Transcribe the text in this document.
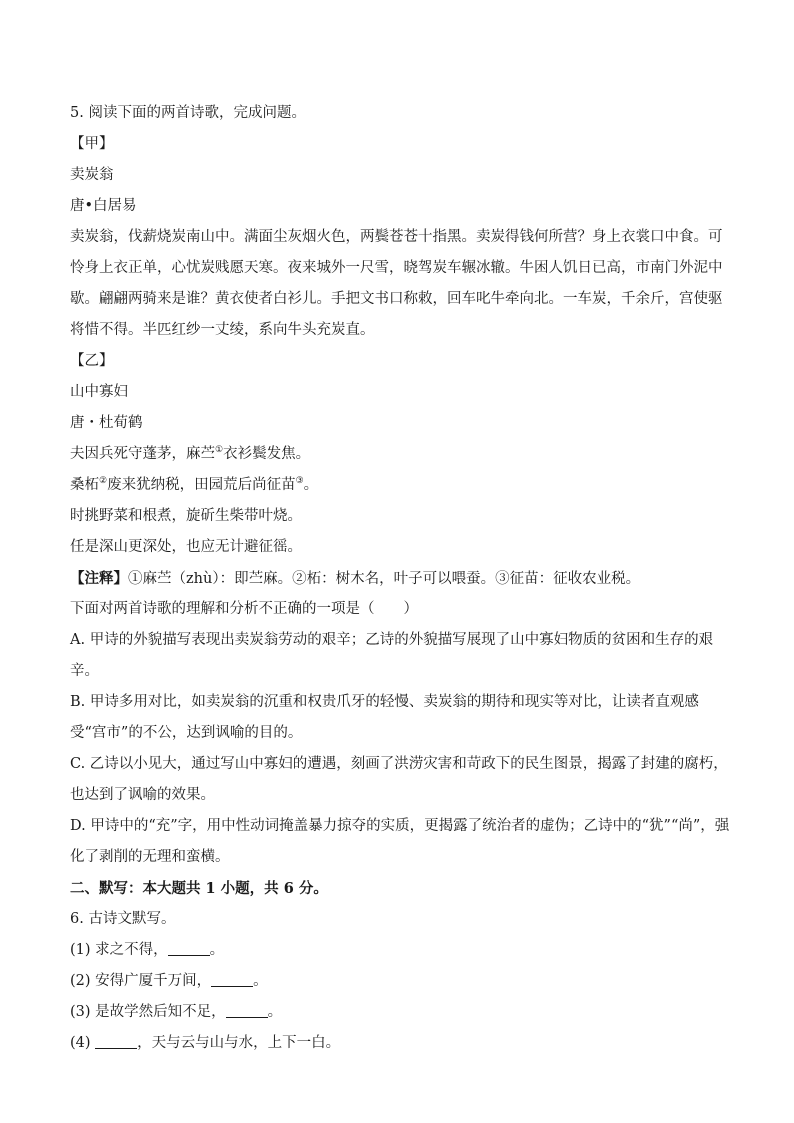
5. 阅读下面的两首诗歌，完成问题。
【甲】
卖炭翁
唐•白居易

卖炭翁，伐薪烧炭南山中。满面尘灰烟火色，两鬓苍苍十指黑。卖炭得钱何所营？身上衣裳口中食。可怜身上衣正单，心忧炭贱愿天寒。夜来城外一尺雪，晓驾炭车辗冰辙。牛困人饥日已高，市南门外泥中歇。翩翩两骑来是谁？黄衣使者白衫儿。手把文书口称敕，回车叱牛牵向北。一车炭，千余斤，宫使驱将惜不得。半匹红纱一丈绫，系向牛头充炭直。

【乙】
山中寡妇
唐・杜荀鹤
夫因兵死守蓬茅，麻苎①衣衫鬓发焦。
桑柘②废来犹纳税，田园荒后尚征苗③。
时挑野菜和根煮，旋斫生柴带叶烧。
任是深山更深处，也应无计避征徭。
【注释】①麻苎（zhù）：即苎麻。②柘：树木名，叶子可以喂蚕。③征苗：征收农业税。
下面对两首诗歌的理解和分析不正确的一项是（　　）

A. 甲诗的外貌描写表现出卖炭翁劳动的艰辛；乙诗的外貌描写展现了山中寡妇物质的贫困和生存的艰辛。

B. 甲诗多用对比，如卖炭翁的沉重和权贵爪牙的轻慢、卖炭翁的期待和现实等对比，让读者直观感受“宫市”的不公，达到讽喻的目的。

C. 乙诗以小见大，通过写山中寡妇的遭遇，刻画了洪涝灾害和苛政下的民生图景，揭露了封建的腐朽，也达到了讽喻的效果。

D. 甲诗中的“充”字，用中性动词掩盖暴力掠夺的实质，更揭露了统治者的虚伪；乙诗中的“犹”“尚”，强化了剥削的无理和蛮横。

二、默写：本大题共 1 小题，共 6 分。
6. 古诗文默写。
(1) 求之不得，	。
(2) 安得广厦千万间，	。
(3) 是故学然后知不足，	。
(4)	，天与云与山与水，上下一白。
